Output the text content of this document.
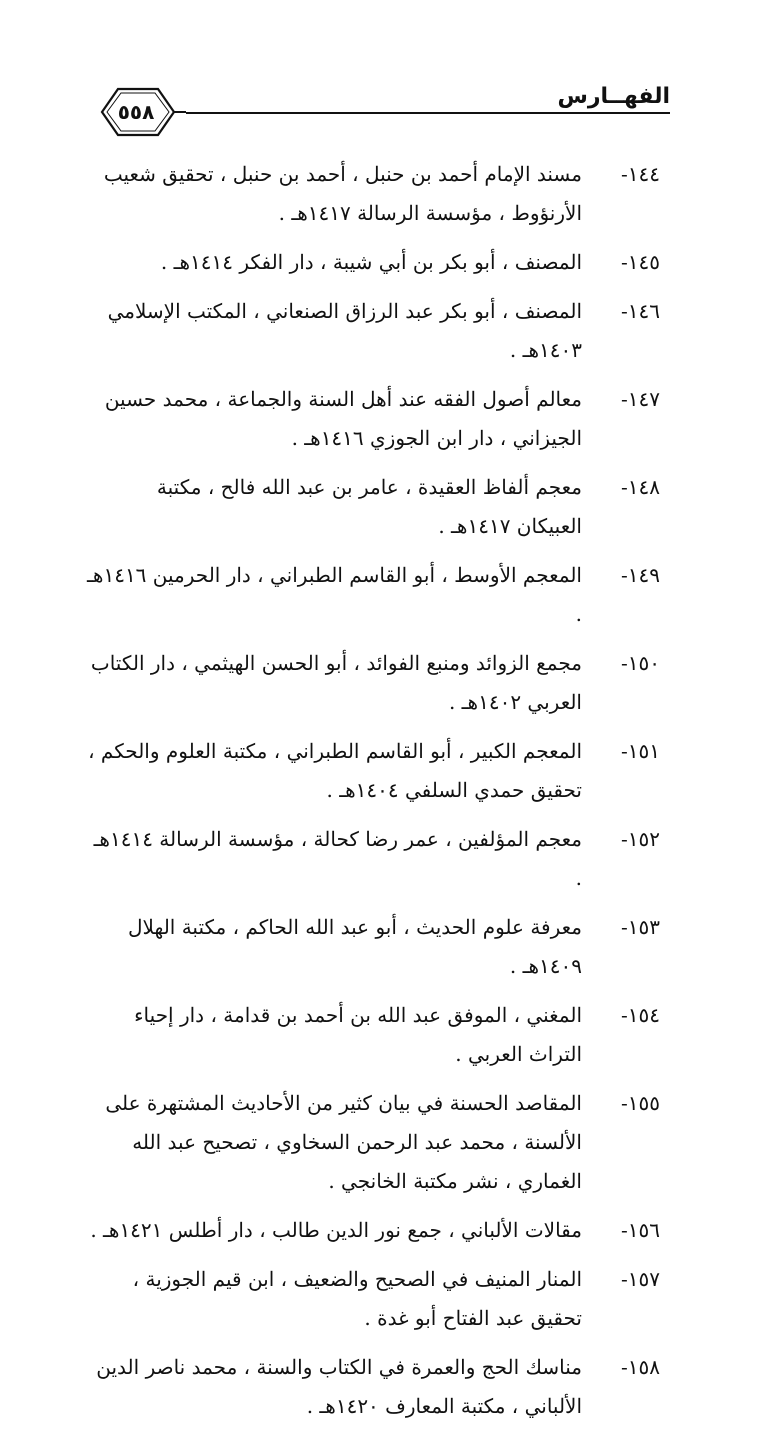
الفهــارس
٥٥٨
١٤٤-
مسند الإمام أحمد بن حنبل ، أحمد بن حنبل ، تحقيق شعيب الأرنؤوط ، مؤسسة الرسالة ١٤١٧هـ .
١٤٥-
المصنف ، أبو بكر بن أبي شيبة ، دار الفكر ١٤١٤هـ .
١٤٦-
المصنف ، أبو بكر عبد الرزاق الصنعاني ، المكتب الإسلامي ١٤٠٣هـ .
١٤٧-
معالم أصول الفقه عند أهل السنة والجماعة ، محمد حسين الجيزاني ، دار ابن الجوزي ١٤١٦هـ .
١٤٨-
معجم ألفاظ العقيدة ، عامر بن عبد الله فالح ، مكتبة العبيكان ١٤١٧هـ .
١٤٩-
المعجم الأوسط ، أبو القاسم الطبراني ، دار الحرمين ١٤١٦هـ .
١٥٠-
مجمع الزوائد ومنبع الفوائد ، أبو الحسن الهيثمي ، دار الكتاب العربي ١٤٠٢هـ .
١٥١-
المعجم الكبير ، أبو القاسم الطبراني ، مكتبة العلوم والحكم ، تحقيق حمدي السلفي ١٤٠٤هـ .
١٥٢-
معجم المؤلفين ، عمر رضا كحالة ، مؤسسة الرسالة ١٤١٤هـ .
١٥٣-
معرفة علوم الحديث ، أبو عبد الله الحاكم ، مكتبة الهلال ١٤٠٩هـ .
١٥٤-
المغني ، الموفق عبد الله بن أحمد بن قدامة ، دار إحياء التراث العربي .
١٥٥-
المقاصد الحسنة في بيان كثير من الأحاديث المشتهرة على الألسنة ، محمد عبد الرحمن السخاوي ، تصحيح عبد الله الغماري ، نشر مكتبة الخانجي .
١٥٦-
مقالات الألباني ، جمع نور الدين طالب ، دار أطلس ١٤٢١هـ .
١٥٧-
المنار المنيف في الصحيح والضعيف ، ابن قيم الجوزية ، تحقيق عبد الفتاح أبو غدة .
١٥٨-
مناسك الحج والعمرة في الكتاب والسنة ، محمد ناصر الدين الألباني ، مكتبة المعارف ١٤٢٠هـ .
